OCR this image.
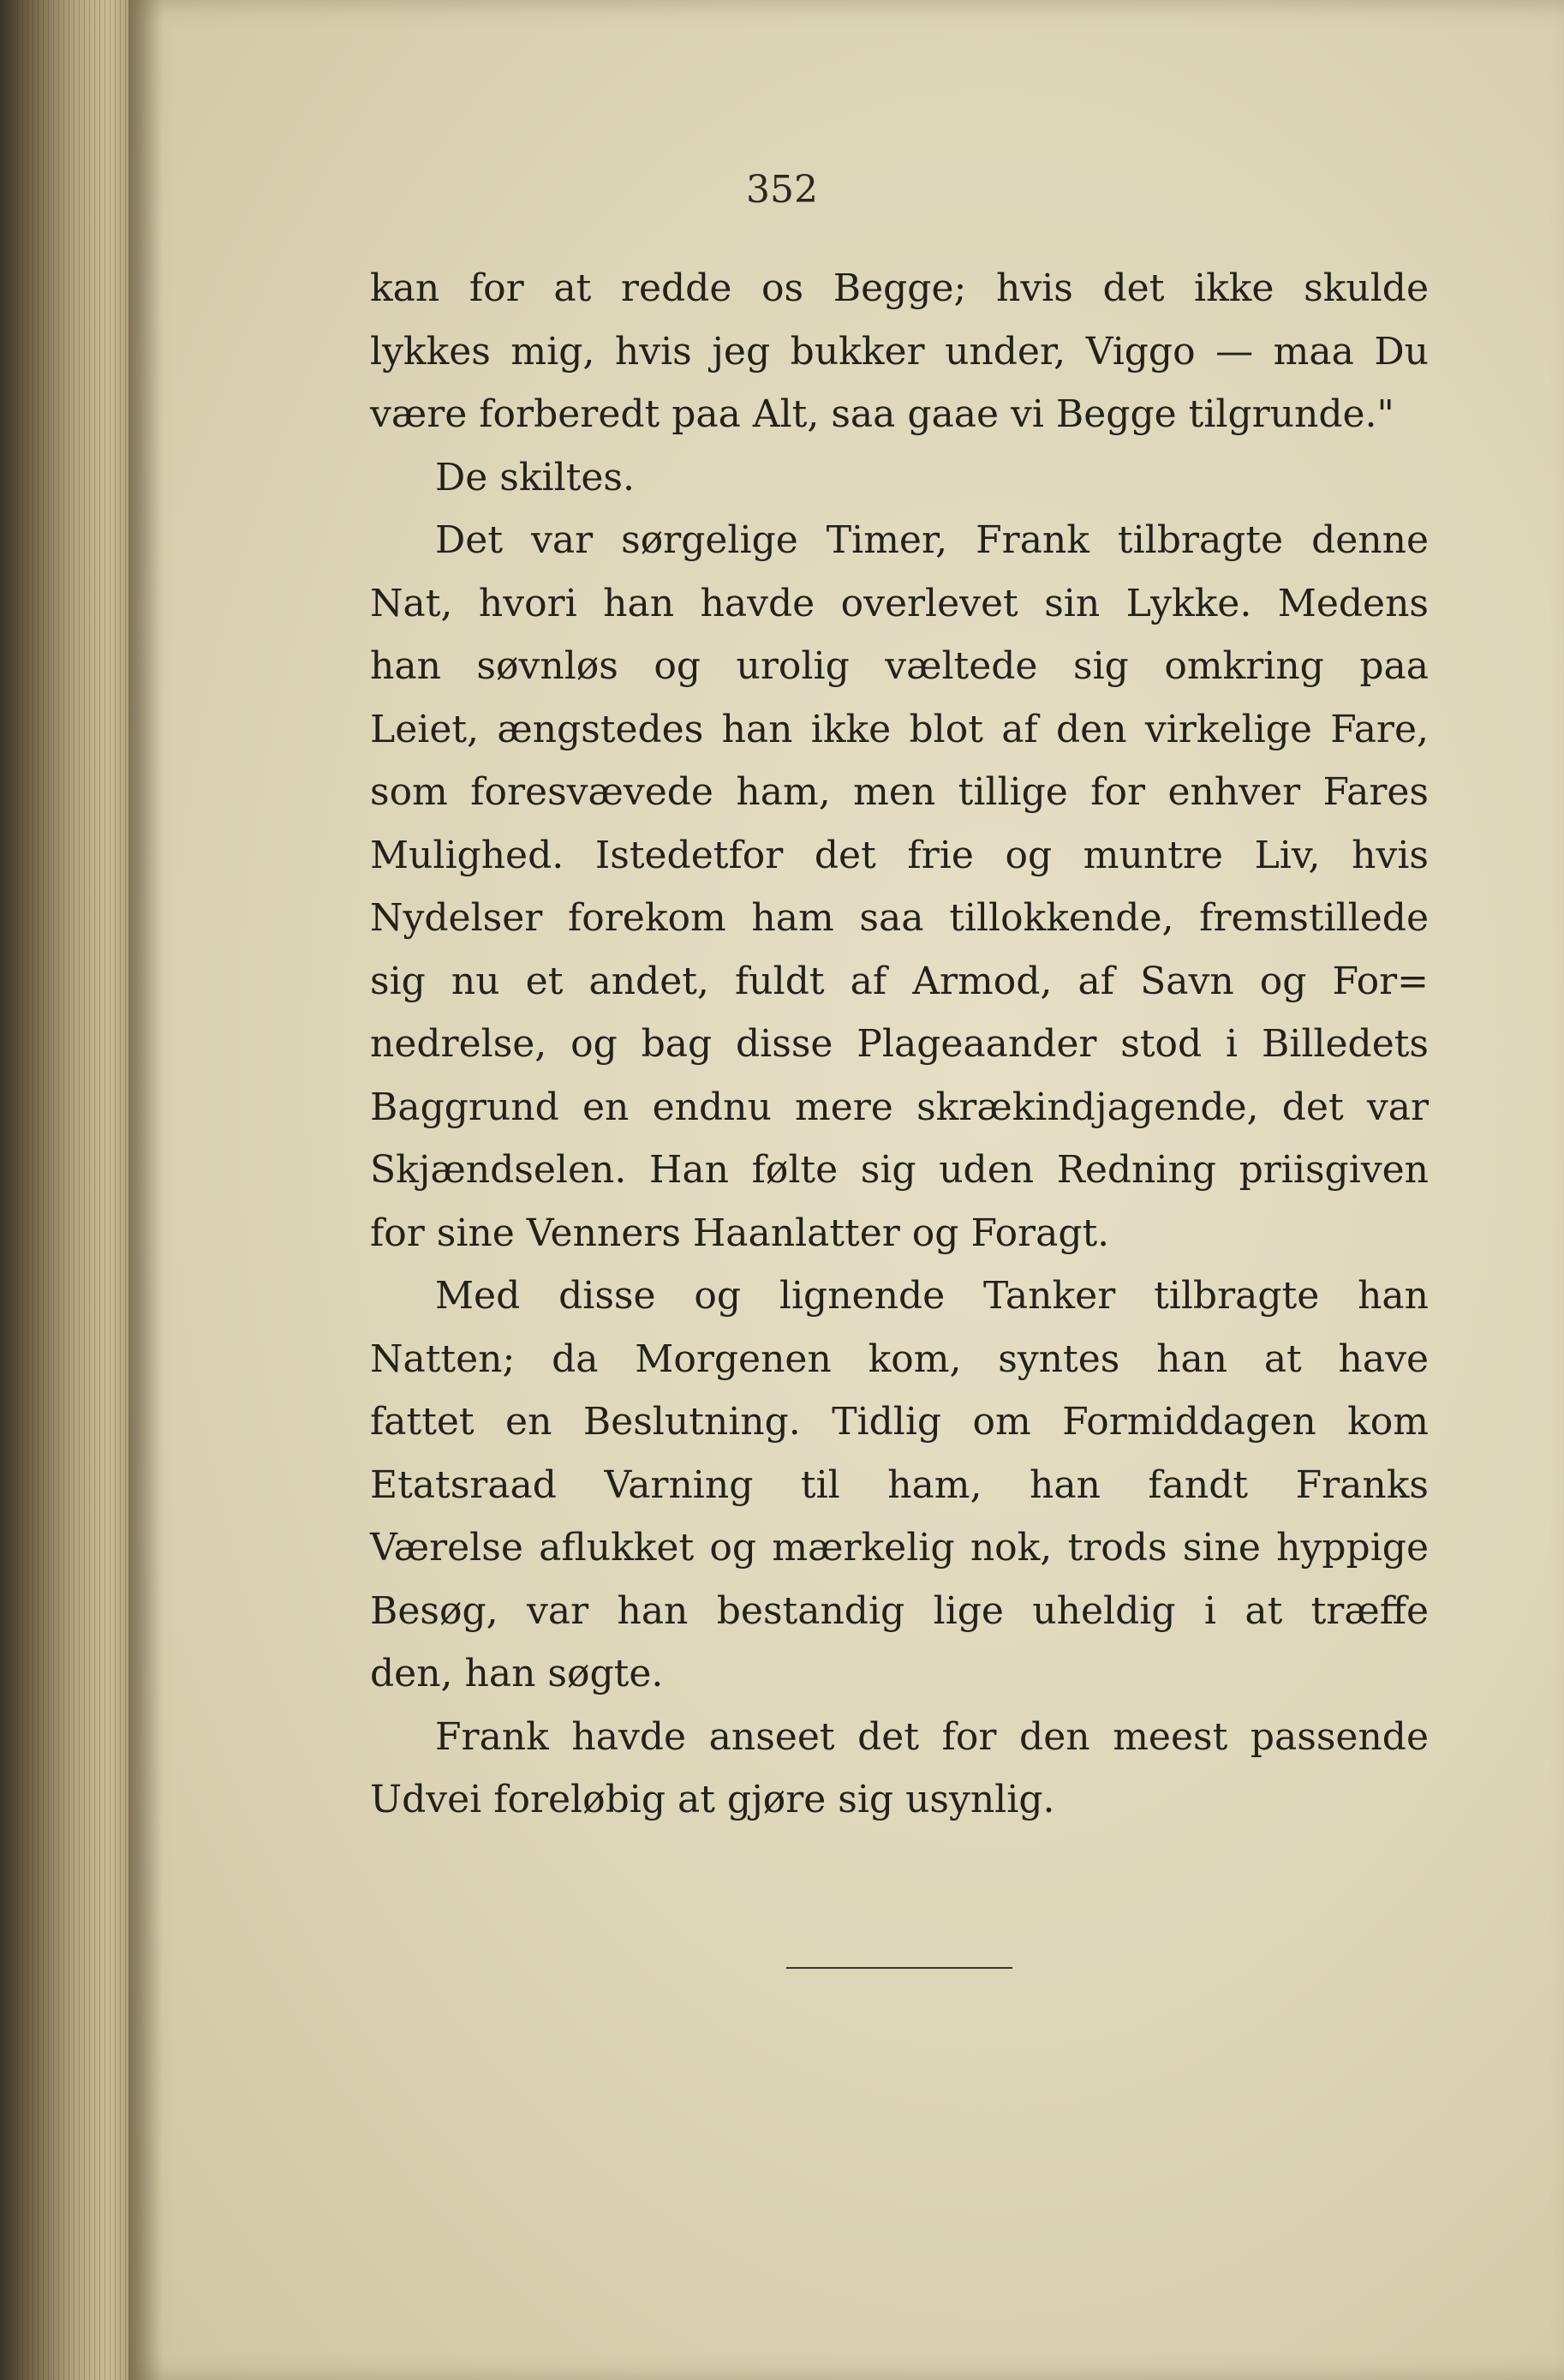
352
kan for at redde os Begge; hvis det ikke skulde
lykkes mig, hvis jeg bukker under, Viggo — maa Du
være forberedt paa Alt, saa gaae vi Begge tilgrunde."
De skiltes.
Det var sørgelige Timer, Frank tilbragte denne
Nat, hvori han havde overlevet sin Lykke. Medens
han søvnløs og urolig væltede sig omkring paa
Leiet, ængstedes han ikke blot af den virkelige Fare,
som foresvævede ham, men tillige for enhver Fares
Mulighed. Istedetfor det frie og muntre Liv, hvis
Nydelser forekom ham saa tillokkende, fremstillede
sig nu et andet, fuldt af Armod, af Savn og For=
nedrelse, og bag disse Plageaander stod i Billedets
Baggrund en endnu mere skrækindjagende, det var
Skjændselen. Han følte sig uden Redning priisgiven
for sine Venners Haanlatter og Foragt.
Med disse og lignende Tanker tilbragte han
Natten; da Morgenen kom, syntes han at have
fattet en Beslutning. Tidlig om Formiddagen kom
Etatsraad Varning til ham, han fandt Franks
Værelse aflukket og mærkelig nok, trods sine hyppige
Besøg, var han bestandig lige uheldig i at træffe
den, han søgte.
Frank havde anseet det for den meest passende
Udvei foreløbig at gjøre sig usynlig.
